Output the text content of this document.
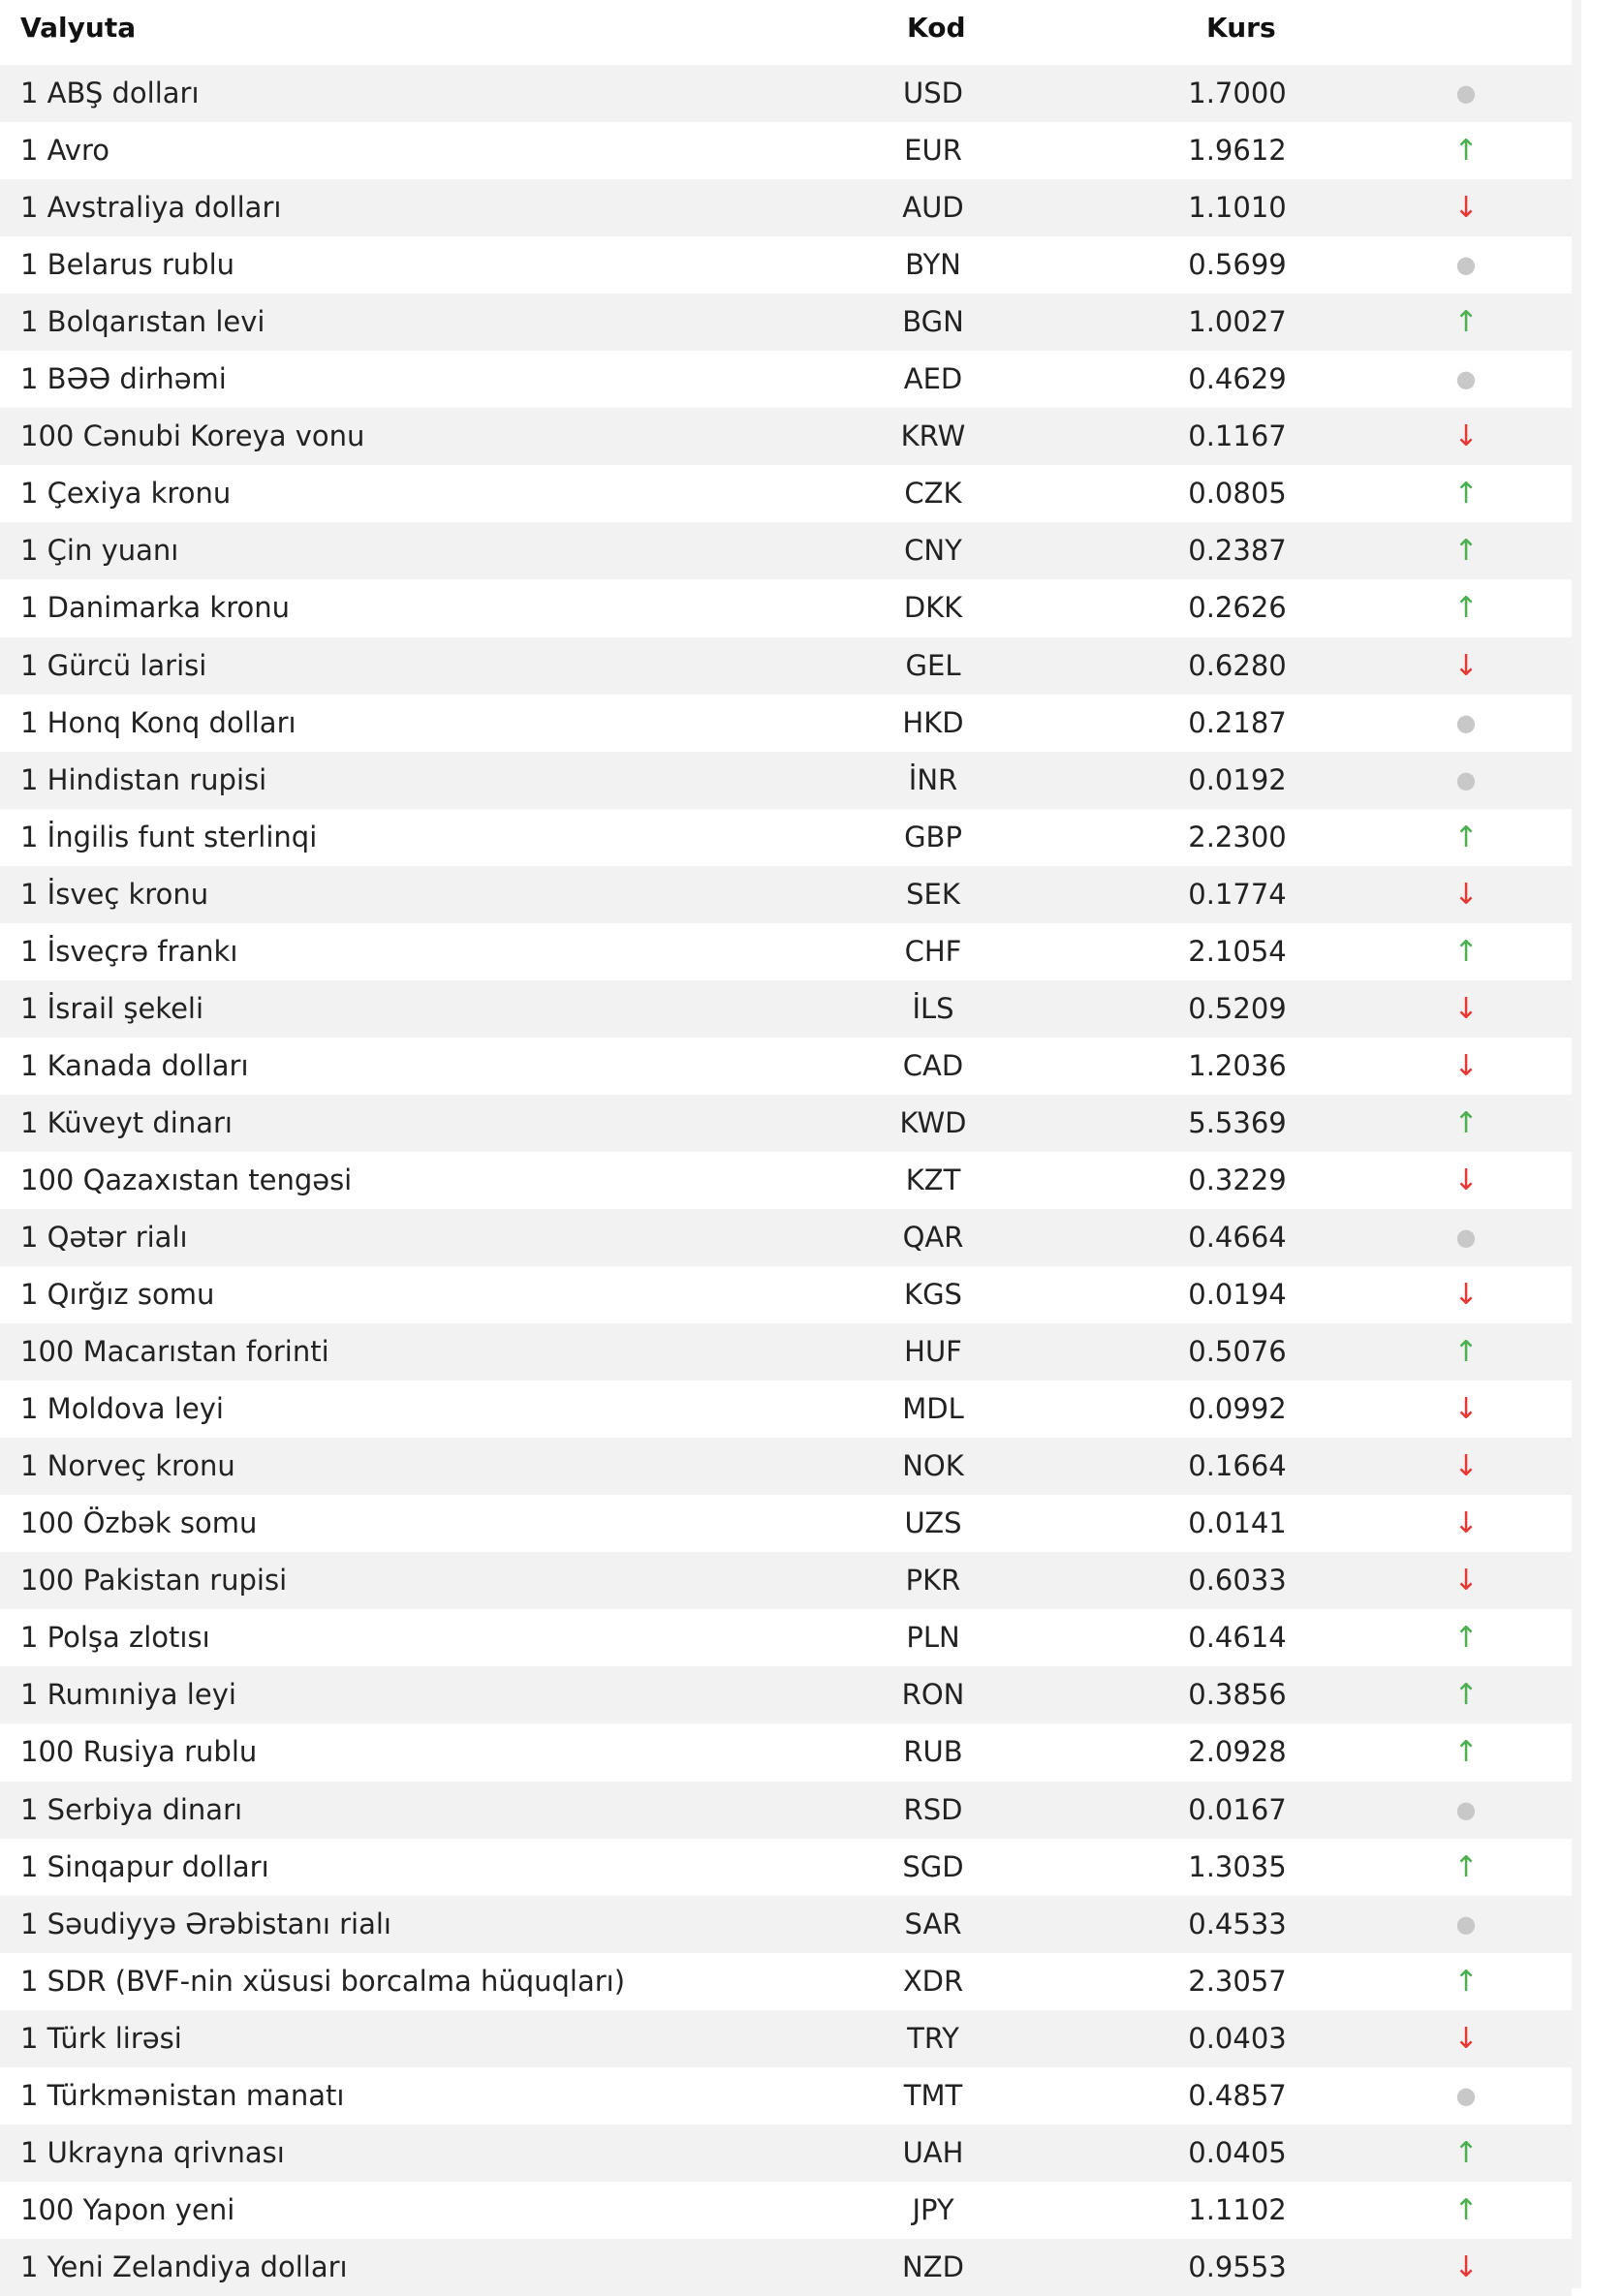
Valyuta	Kod	Kurs
1 ABŞ dolları	USD	1.7000	●
1 Avro	EUR	1.9612	↑
1 Avstraliya dolları	AUD	1.1010	↓
1 Belarus rublu	BYN	0.5699	●
1 Bolqarıstan levi	BGN	1.0027	↑
1 BƏƏ dirhəmi	AED	0.4629	●
100 Cənubi Koreya vonu	KRW	0.1167	↓
1 Çexiya kronu	CZK	0.0805	↑
1 Çin yuanı	CNY	0.2387	↑
1 Danimarka kronu	DKK	0.2626	↑
1 Gürcü larisi	GEL	0.6280	↓
1 Honq Konq dolları	HKD	0.2187	●
1 Hindistan rupisi	İNR	0.0192	●
1 İngilis funt sterlinqi	GBP	2.2300	↑
1 İsveç kronu	SEK	0.1774	↓
1 İsveçrə frankı	CHF	2.1054	↑
1 İsrail şekeli	İLS	0.5209	↓
1 Kanada dolları	CAD	1.2036	↓
1 Küveyt dinarı	KWD	5.5369	↑
100 Qazaxıstan tengəsi	KZT	0.3229	↓
1 Qətər rialı	QAR	0.4664	●
1 Qırğız somu	KGS	0.0194	↓
100 Macarıstan forinti	HUF	0.5076	↑
1 Moldova leyi	MDL	0.0992	↓
1 Norveç kronu	NOK	0.1664	↓
100 Özbək somu	UZS	0.0141	↓
100 Pakistan rupisi	PKR	0.6033	↓
1 Polşa zlotısı	PLN	0.4614	↑
1 Rumıniya leyi	RON	0.3856	↑
100 Rusiya rublu	RUB	2.0928	↑
1 Serbiya dinarı	RSD	0.0167	●
1 Sinqapur dolları	SGD	1.3035	↑
1 Səudiyyə Ərəbistanı rialı	SAR	0.4533	●
1 SDR (BVF-nin xüsusi borcalma hüquqları)	XDR	2.3057	↑
1 Türk lirəsi	TRY	0.0403	↓
1 Türkmənistan manatı	TMT	0.4857	●
1 Ukrayna qrivnası	UAH	0.0405	↑
100 Yapon yeni	JPY	1.1102	↑
1 Yeni Zelandiya dolları	NZD	0.9553	↓
